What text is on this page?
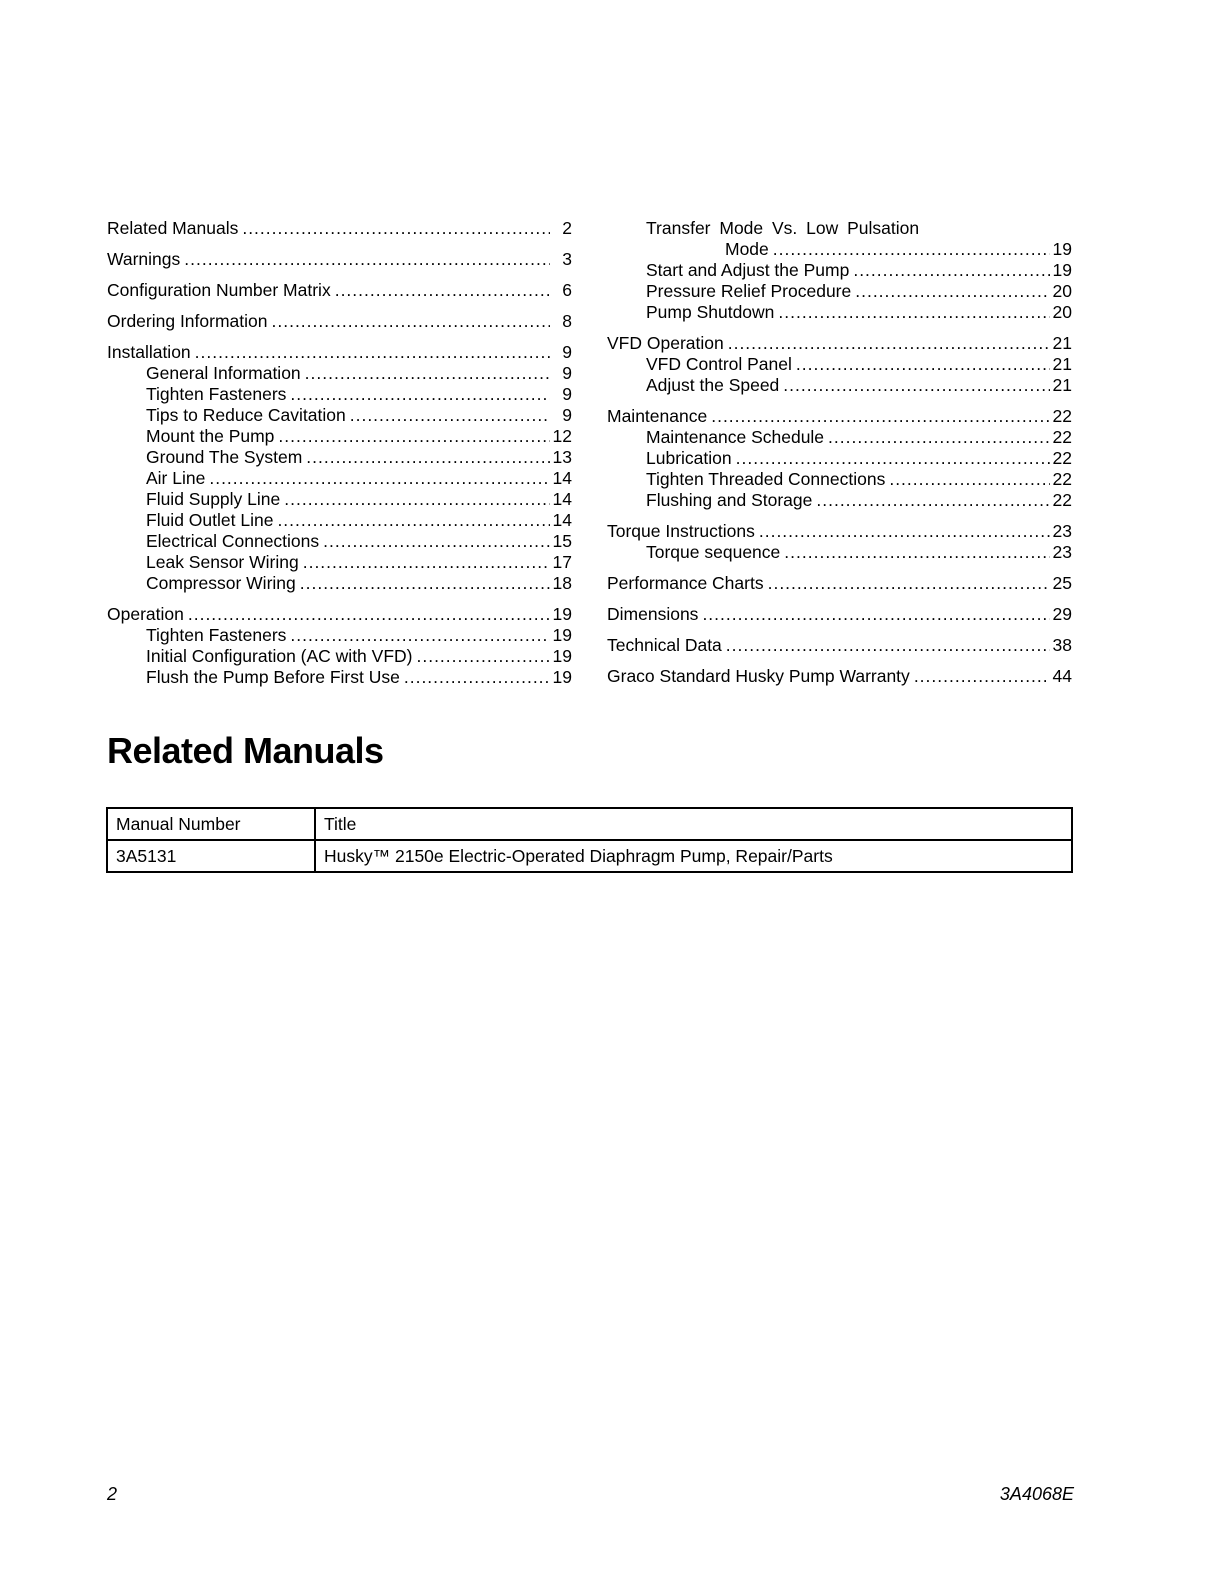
Related Manuals .....	2
Warnings .....	3
Configuration Number Matrix .....	6
Ordering Information .....	8
Installation .....	9
General Information .....	9
Tighten Fasteners .....	9
Tips to Reduce Cavitation .....	9
Mount the Pump .....	12
Ground The System .....	13
Air Line .....	14
Fluid Supply Line .....	14
Fluid Outlet Line .....	14
Electrical Connections .....	15
Leak Sensor Wiring .....	17
Compressor Wiring .....	18
Operation .....	19
Tighten Fasteners .....	19
Initial Configuration (AC with VFD) .....	19
Flush the Pump Before First Use .....	19
Transfer Mode Vs. Low Pulsation
Mode .....	19
Start and Adjust the Pump .....	19
Pressure Relief Procedure .....	20
Pump Shutdown .....	20
VFD Operation .....	21
VFD Control Panel .....	21
Adjust the Speed .....	21
Maintenance .....	22
Maintenance Schedule .....	22
Lubrication .....	22
Tighten Threaded Connections .....	22
Flushing and Storage .....	22
Torque Instructions .....	23
Torque sequence .....	23
Performance Charts .....	25
Dimensions .....	29
Technical Data .....	38
Graco Standard Husky Pump Warranty .....	44
Related Manuals
Manual Number	Title
3A5131	Husky™ 2150e Electric-Operated Diaphragm Pump, Repair/Parts
2	3A4068E
